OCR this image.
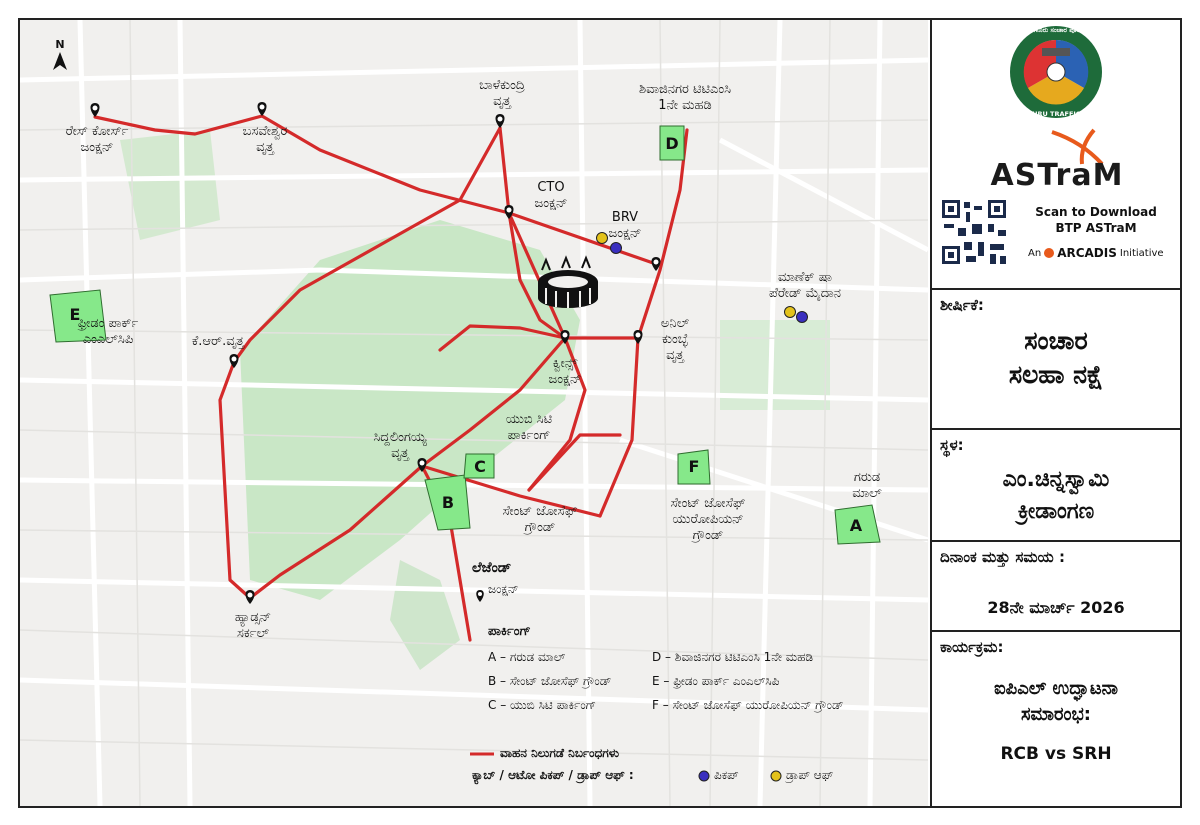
A
B
C
D
E
F
N
ರೇಸ್ ಕೋರ್ಸ್
ಜಂಕ್ಷನ್
ಬಸವೇಶ್ವರ
ವೃತ್ತ
ಬಾಳೆಕುಂದ್ರಿ
ವೃತ್ತ
CTO
ಜಂಕ್ಷನ್
BRV
ಜಂಕ್ಷನ್
ಕೆ.ಆರ್.ವೃತ್ತ
ಕ್ವೀನ್ಸ್
ಜಂಕ್ಷನ್
ಅನಿಲ್
ಕುಂಬ್ಳೆ
ವೃತ್ತ
ಸಿದ್ದಲಿಂಗಯ್ಯ
ವೃತ್ತ
ಹ್ಯಾಡ್ಸನ್
ಸರ್ಕಲ್
ಶಿವಾಜಿನಗರ ಟಿಟಿಎಂಸಿ
1ನೇ ಮಹಡಿ
ಮಾಣೆಕ್ ಷಾ
ಪೆರೇಡ್ ಮೈದಾನ
ಫ್ರೀಡಂ ಪಾರ್ಕ್
ಎಂಎಲ್‌ಸಿಪಿ
ಯುಬಿ ಸಿಟಿ
ಪಾರ್ಕಿಂಗ್
ಸೇಂಟ್ ಜೋಸೆಫ್
ಗ್ರೌಂಡ್
ಸೇಂಟ್ ಜೋಸೆಫ್
ಯುರೋಪಿಯನ್
ಗ್ರೌಂಡ್
ಗರುಡ
ಮಾಲ್
ಲೆಜೆಂಡ್
ಜಂಕ್ಷನ್
ಪಾರ್ಕಿಂಗ್
A – ಗರುಡ ಮಾಲ್
B – ಸೇಂಟ್ ಜೋಸೆಫ್ ಗ್ರೌಂಡ್
C – ಯುಬಿ ಸಿಟಿ ಪಾರ್ಕಿಂಗ್
D – ಶಿವಾಜಿನಗರ ಟಿಟಿಎಂಸಿ 1ನೇ ಮಹಡಿ
E – ಫ್ರೀಡಂ ಪಾರ್ಕ್ ಎಂಎಲ್‌ಸಿಪಿ
F – ಸೇಂಟ್ ಜೋಸೆಫ್ ಯುರೋಪಿಯನ್ ಗ್ರೌಂಡ್
ವಾಹನ ನಿಲುಗಡೆ ನಿರ್ಬಂಧಗಳು
ಕ್ಯಾಬ್ / ಆಟೋ ಪಿಕಪ್ / ಡ್ರಾಪ್ ಆಫ್ :	ಪಿಕಪ್	ಡ್ರಾಪ್ ಆಫ್
BENGALURU TRAFFIC POLICE
ಬೆಂಗಳೂರು ಸಂಚಾರ ಪೊಲೀಸ್
ASTraM
Scan to Download
BTP ASTraM
An ARCADIS Initiative
ಶೀರ್ಷಿಕೆ:
ಸಂಚಾರ
ಸಲಹಾ ನಕ್ಷೆ
ಸ್ಥಳ:
ಎಂ.ಚಿನ್ನಸ್ವಾಮಿ
ಕ್ರೀಡಾಂಗಣ
ದಿನಾಂಕ ಮತ್ತು ಸಮಯ :
28ನೇ ಮಾರ್ಚ್ 2026
ಕಾರ್ಯಕ್ರಮ:
ಐಪಿಎಲ್ ಉದ್ಘಾಟನಾ
ಸಮಾರಂಭ:
RCB vs SRH
